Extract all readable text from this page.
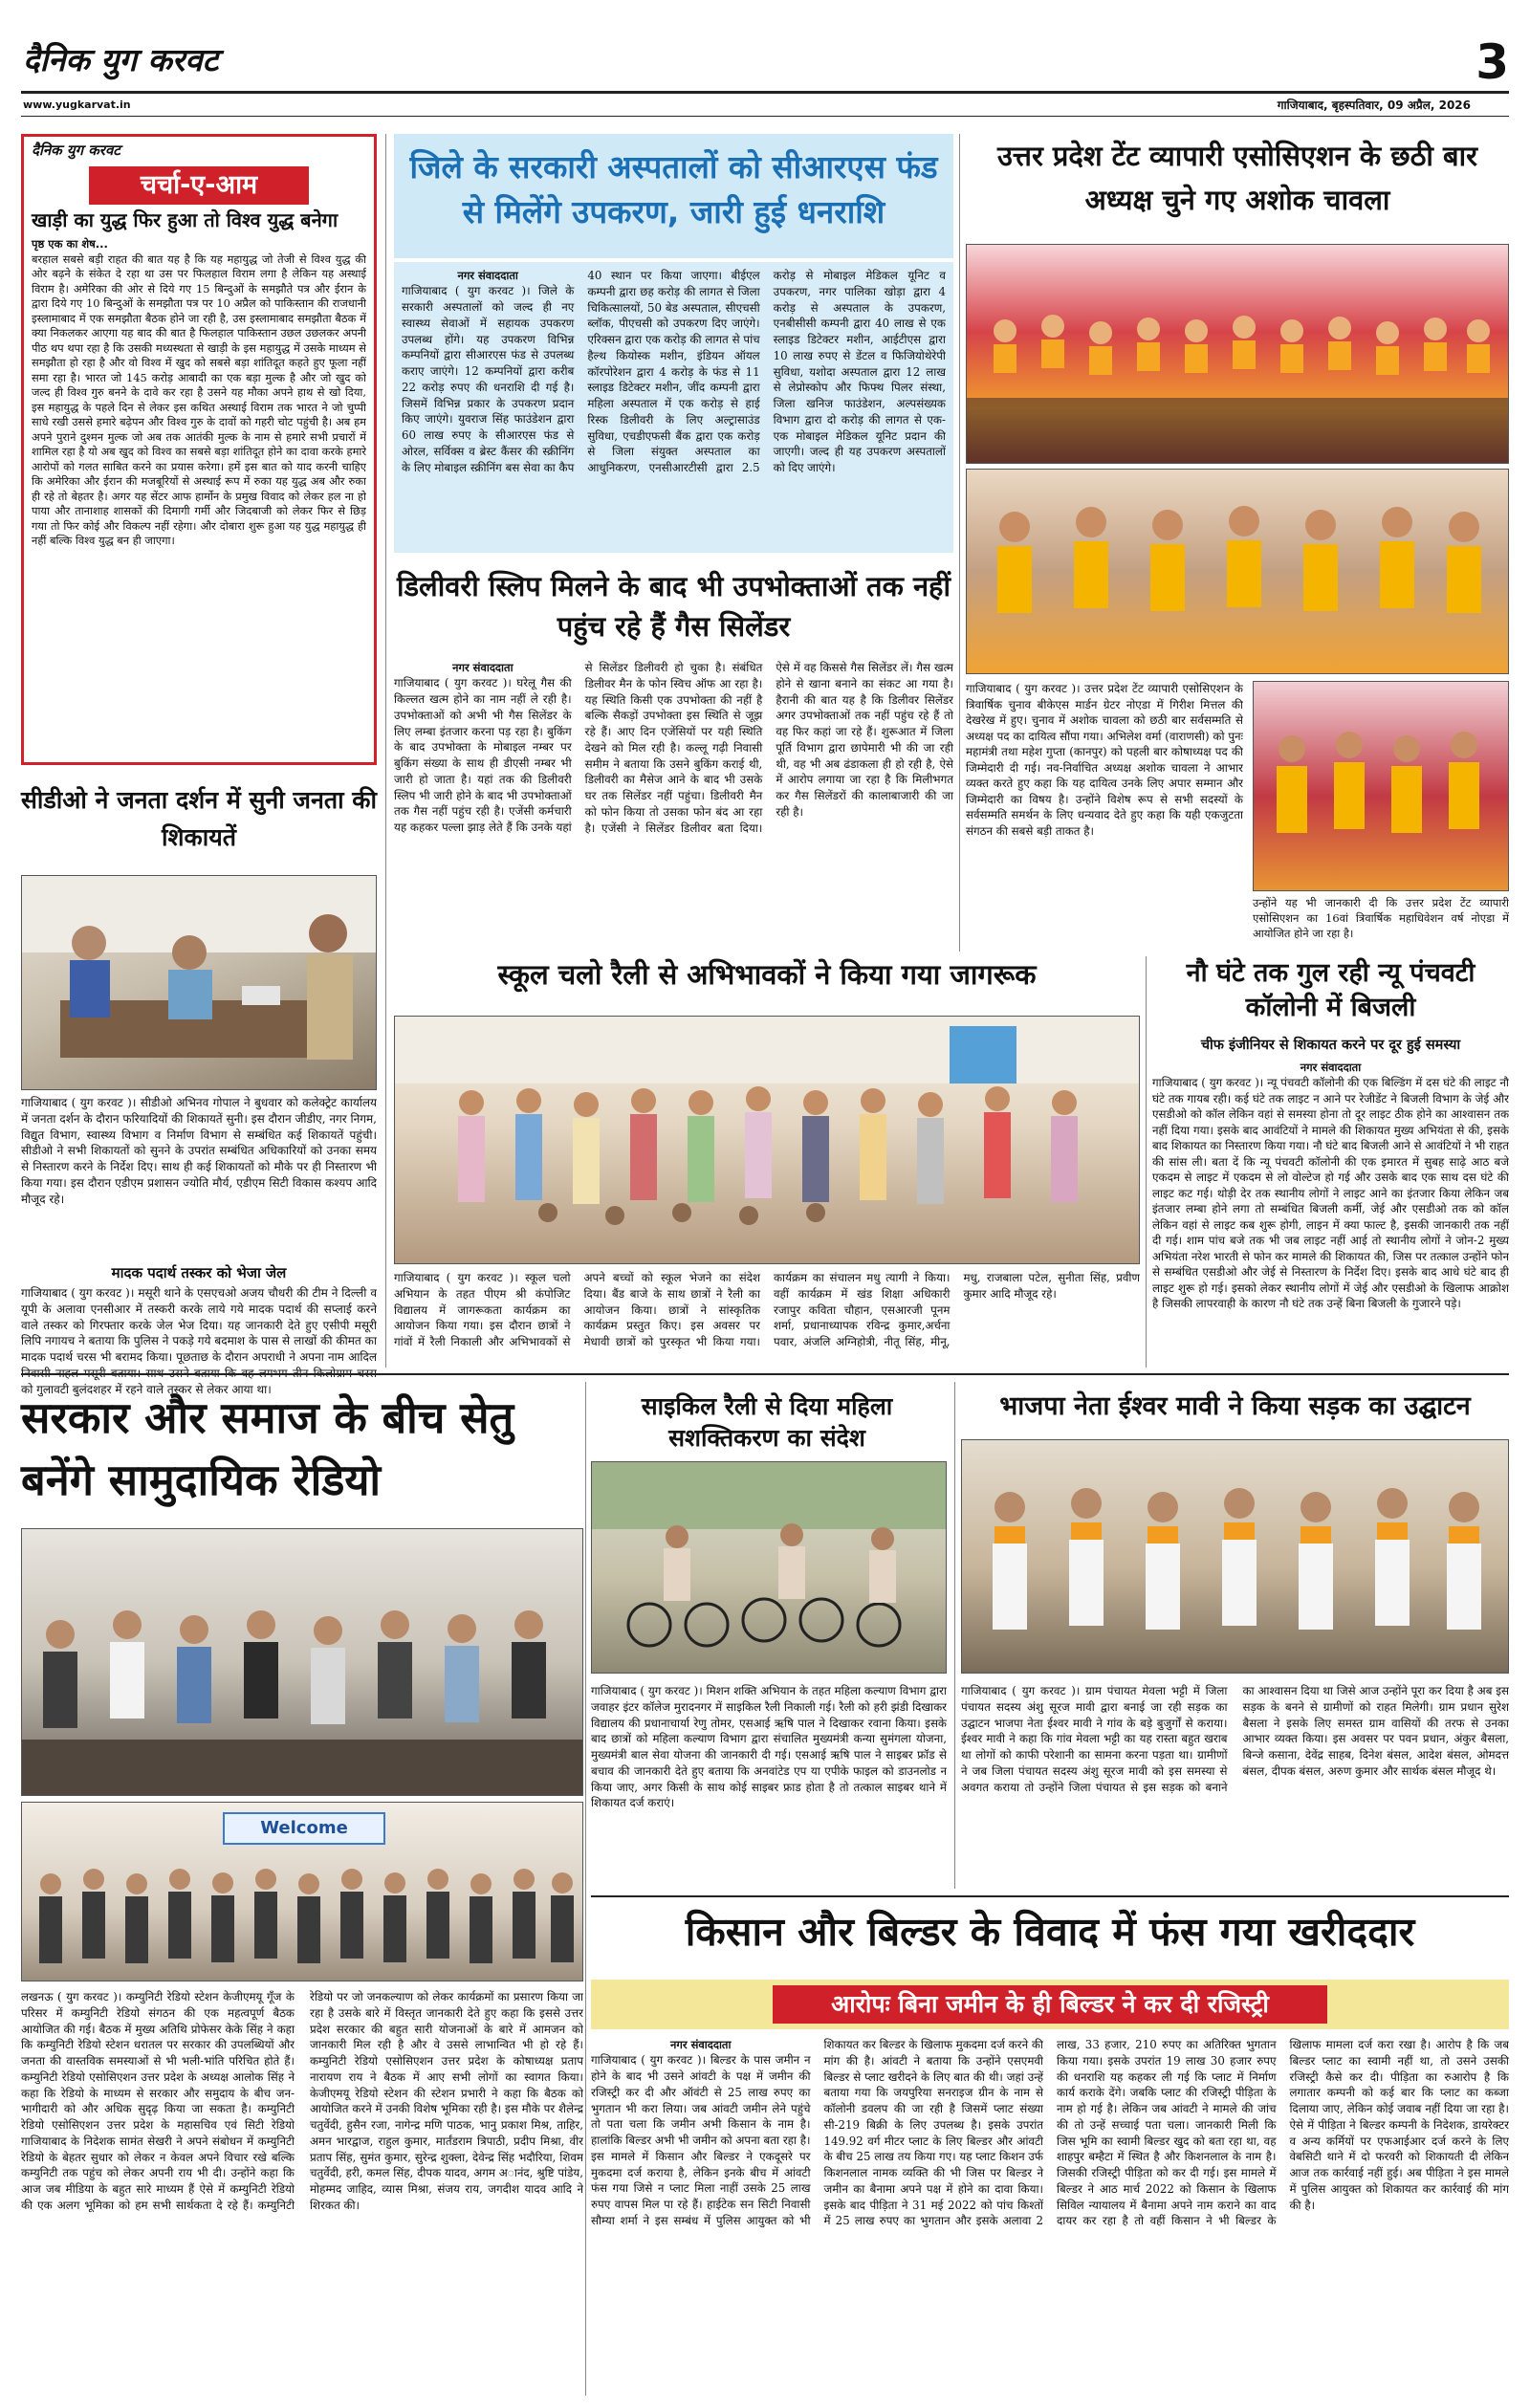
दैनिक युग करवट
www.yugkarvat.in
3
गाजियाबाद, बृहस्पतिवार, 09 अप्रैल, 2026
दैनिक युग करवट
चर्चा-ए-आम
खाड़ी का युद्ध फिर हुआ तो विश्व युद्ध बनेगा
पृष्ठ एक का शेष...
बरहाल सबसे बड़ी राहत की बात यह है कि यह महायुद्ध जो तेजी से विश्व युद्ध की ओर बढ़ने के संकेत दे रहा था उस पर फिलहाल विराम लगा है लेकिन यह अस्थाई विराम है। अमेरिका की ओर से दिये गए 15 बिन्दुओं के समझौते पत्र और ईरान के द्वारा दिये गए 10 बिन्दुओं के समझौता पत्र पर 10 अप्रैल को पाकिस्तान की राजधानी इस्लामाबाद में एक समझौता बैठक होने जा रही है, उस इस्लामाबाद समझौता बैठक में क्या निकलकर आएगा यह बाद की बात है फिलहाल पाकिस्तान उछल उछलकर अपनी पीठ थप थपा रहा है कि उसकी मध्यस्थता से खाड़ी के इस महायुद्ध में उसके माध्यम से समझौता हो रहा है और वो विश्व में खुद को सबसे बड़ा शांतिदूत कहते हुए फूला नहीं समा रहा है। भारत जो 145 करोड़ आबादी का एक बड़ा मुल्क है और जो खुद को जल्द ही विश्व गुरु बनने के दावे कर रहा है उसने यह मौका अपने हाथ से खो दिया, इस महायुद्ध के पहले दिन से लेकर इस कथित अस्थाई विराम तक भारत ने जो चुप्पी साधे रखी उससे हमारे बढ़ेपन और विश्व गुरु के दावों को गहरी चोट पहुंची है। अब हम अपने पुराने दुश्मन मुल्क जो अब तक आतंकी मुल्क के नाम से हमारे सभी प्रचारों में शामिल रहा है यो अब खुद को विश्व का सबसे बड़ा शांतिदूत होने का दावा करके हमारे आरोपों को गलत साबित करने का प्रयास करेगा। हमें इस बात को याद करनी चाहिए कि अमेरिका और ईरान की मजबूरियों से अस्थाई रूप में रुका यह युद्ध अब और रुका ही रहे तो बेहतर है। अगर यह सेंटर आफ हार्मोन के प्रमुख विवाद को लेकर हल ना हो पाया और तानाशाह शासकों की दिमागी गर्मी और जिदबाजी को लेकर फिर से छिड़ गया तो फिर कोई और विकल्प नहीं रहेगा। और दोबारा शुरू हुआ यह युद्ध महायुद्ध ही नहीं बल्कि विश्व युद्ध बन ही जाएगा।
सीडीओ ने जनता दर्शन में सुनी जनता की शिकायतें
गाजियाबाद ( युग करवट )। सीडीओ अभिनव गोपाल ने बुधवार को कलेक्ट्रेट कार्यालय में जनता दर्शन के दौरान फरियादियों की शिकायतें सुनी। इस दौरान जीडीए, नगर निगम, विद्युत विभाग, स्वास्थ्य विभाग व निर्माण विभाग से सम्बंधित कई शिकायतें पहुंची। सीडीओ ने सभी शिकायतों को सुनने के उपरांत सम्बंधित अधिकारियों को उनका समय से निस्तारण करने के निर्देश दिए। साथ ही कई शिकायतों को मौके पर ही निस्तारण भी किया गया। इस दौरान एडीएम प्रशासन ज्योति मौर्य, एडीएम सिटी विकास कश्यप आदि मौजूद रहे।
मादक पदार्थ तस्कर को भेजा जेल
गाजियाबाद ( युग करवट )। मसूरी थाने के एसएचओ अजय चौधरी की टीम ने दिल्ली व यूपी के अलावा एनसीआर में तस्करी करके लाये गये मादक पदार्थ की सप्लाई करने वाले तस्कर को गिरफ्तार करके जेल भेज दिया। यह जानकारी देते हुए एसीपी मसूरी लिपि नगायच ने बताया कि पुलिस ने पकड़े गये बदमाश के पास से लाखों की कीमत का मादक पदार्थ चरस भी बरामद किया। पूछताछ के दौरान अपराधी ने अपना नाम आदिल को गुलावटी बुलंदशहर में रहने वाले तस्कर से लेकर आया था।
जिले के सरकारी अस्पतालों को सीआरएस फंड से मिलेंगे उपकरण, जारी हुई धनराशि
नगर संवाददाता
गाजियाबाद ( युग करवट )। जिले के सरकारी अस्पतालों को जल्द ही नए स्वास्थ्य सेवाओं में सहायक उपकरण उपलब्ध होंगे। यह उपकरण विभिन्न कम्पनियों द्वारा सीआरएस फंड से उपलब्ध कराए जाएंगे। 12 कम्पनियों द्वारा करीब 22 करोड़ रुपए की धनराशि दी गई है। जिसमें विभिन्न प्रकार के उपकरण प्रदान किए जाएंगे। युवराज सिंह फाउंडेशन द्वारा 60 लाख रुपए के सीआरएस फंड से ओरल, सर्विक्स व ब्रेस्ट कैंसर की स्क्रीनिंग के लिए मोबाइल स्क्रीनिंग बस सेवा का कैप 40 स्थान पर किया जाएगा। बीईएल कम्पनी द्वारा छह करोड़ की लागत से जिला चिकित्सालयों, 50 बेड अस्पताल, सीएचसी ब्लॉक, पीएचसी को उपकरण दिए जाएंगे। एरिक्सन द्वारा एक करोड़ की लागत से पांच हैल्थ कियोस्क मशीन, इंडियन ऑयल कॉरपोरेशन द्वारा 4 करोड़ के फंड से 11 स्लाइड डिटेक्टर मशीन, जींद कम्पनी द्वारा महिला अस्पताल में एक करोड़ से हाई रिस्क डिलीवरी के लिए अल्ट्रासाउंड सुविधा, एचडीएफसी बैंक द्वारा एक करोड़ से जिला संयुक्त अस्पताल का आधुनिकरण, एनसीआरटीसी द्वारा 2.5 करोड़ से मोबाइल मेडिकल यूनिट व उपकरण, नगर पालिका खोड़ा द्वारा 4 करोड़ से अस्पताल के उपकरण, एनबीसीसी कम्पनी द्वारा 40 लाख से एक स्लाइड डिटेक्टर मशीन, आईटीएस द्वारा 10 लाख रुपए से डेंटल व फिजियोथेरेपी सुविधा, यशोदा अस्पताल द्वारा 12 लाख से लेप्रोस्कोप और फिफ्थ पिलर संस्था, जिला खनिज फाउंडेशन, अल्पसंख्यक विभाग द्वारा दो करोड़ की लागत से एक-एक मोबाइल मेडिकल यूनिट प्रदान की जाएगी। जल्द ही यह उपकरण अस्पतालों को दिए जाएंगे।
डिलीवरी स्लिप मिलने के बाद भी उपभोक्ताओं तक नहीं पहुंच रहे हैं गैस सिलेंडर
नगर संवाददाता
गाजियाबाद ( युग करवट )। घरेलू गैस की किल्लत खत्म होने का नाम नहीं ले रही है। उपभोक्ताओं को अभी भी गैस सिलेंडर के लिए लम्बा इंतजार करना पड़ रहा है। बुकिंग के बाद उपभोक्ता के मोबाइल नम्बर पर बुकिंग संख्या के साथ ही डीएसी नम्बर भी जारी हो जाता है। यहां तक की डिलीवरी स्लिप भी जारी होने के बाद भी उपभोक्ताओं तक गैस नहीं पहुंच रही है। एजेंसी कर्मचारी यह कहकर पल्ला झाड़ लेते हैं कि उनके यहां से सिलेंडर डिलीवरी हो चुका है। संबंधित डिलीवर मैन के फोन स्विच ऑफ आ रहा है। यह स्थिति किसी एक उपभोक्ता की नहीं है बल्कि सैकड़ों उपभोक्ता इस स्थिति से जूझ रहे हैं। आए दिन एजेंसियों पर यही स्थिति देखने को मिल रही है। कल्लू गढ़ी निवासी समीम ने बताया कि उसने बुकिंग कराई थी, डिलीवरी का मैसेज आने के बाद भी उसके घर तक सिलेंडर नहीं पहुंचा। डिलीवरी मैन को फोन किया तो उसका फोन बंद आ रहा है। एजेंसी ने सिलेंडर डिलीवर बता दिया। ऐसे में वह किससे गैस सिलेंडर लें। गैस खत्म होने से खाना बनाने का संकट आ गया है। हैरानी की बात यह है कि डिलीवर सिलेंडर अगर उपभोक्ताओं तक नहीं पहुंच रहे हैं तो वह फिर कहां जा रहे हैं। शुरूआत में जिला पूर्ति विभाग द्वारा छापेमारी भी की जा रही थी, वह भी अब ढंडाकला ही हो रही है, ऐसे में आरोप लगाया जा रहा है कि मिलीभगत कर गैस सिलेंडरों की कालाबाजारी की जा रही है।
उत्तर प्रदेश टेंट व्यापारी एसोसिएशन के छठी बार अध्यक्ष चुने गए अशोक चावला
गाजियाबाद ( युग करवट )। उत्तर प्रदेश टेंट व्यापारी एसोसिएशन के त्रिवार्षिक चुनाव बीकेएस मार्डन ग्रेटर नोएडा में गिरीश मित्तल की देखरेख में हुए। चुनाव में अशोक चावला को छठी बार सर्वसम्मति से अध्यक्ष पद का दायित्व सौंपा गया। अभिलेश वर्मा (वाराणसी) को पुनः महामंत्री तथा महेश गुप्ता (कानपुर) को पहली बार कोषाध्यक्ष पद की जिम्मेदारी दी गई। नव-निर्वाचित अध्यक्ष अशोक चावला ने आभार व्यक्त करते हुए कहा कि यह दायित्व उनके लिए अपार सम्मान और जिम्मेदारी का विषय है। उन्होंने विशेष रूप से सभी सदस्यों के सर्वसम्मति समर्थन के लिए धन्यवाद देते हुए कहा कि यही एकजुटता संगठन की सबसे बड़ी ताकत है।
उन्होंने यह भी जानकारी दी कि उत्तर प्रदेश टेंट व्यापारी एसोसिएशन का 16वां त्रिवार्षिक महाधिवेशन वर्ष नोएडा में आयोजित होने जा रहा है।
स्कूल चलो रैली से अभिभावकों ने किया गया जागरूक
गाजियाबाद ( युग करवट )। स्कूल चलो अभियान के तहत पीएम श्री कंपोजिट विद्यालय में जागरूकता कार्यक्रम का आयोजन किया गया। इस दौरान छात्रों ने गांवों में रैली निकाली और अभिभावकों से अपने बच्चों को स्कूल भेजने का संदेश दिया। बैंड बाजे के साथ छात्रों ने रैली का आयोजन किया। छात्रों ने सांस्कृतिक कार्यक्रम प्रस्तुत किए। इस अवसर पर मेधावी छात्रों को पुरस्कृत भी किया गया। कार्यक्रम का संचालन मधु त्यागी ने किया। वहीं कार्यक्रम में खंड शिक्षा अधिकारी रजापुर कविता चौहान, एसआरजी पूनम शर्मा, प्रधानाध्यापक रविन्द्र कुमार,अर्चना पवार, अंजलि अग्निहोत्री, नीतू सिंह, मीनू, मधु, राजबाला पटेल, सुनीता सिंह, प्रवीण कुमार आदि मौजूद रहे।
नौ घंटे तक गुल रही न्यू पंचवटी कॉलोनी में बिजली
चीफ इंजीनियर से शिकायत करने पर दूर हुई समस्या
नगर संवाददाता
गाजियाबाद ( युग करवट )। न्यू पंचवटी कॉलोनी की एक बिल्डिंग में दस घंटे की लाइट नौ घंटे तक गायब रही। कई घंटे तक लाइट न आने पर रेजीडेंट ने बिजली विभाग के जेई और एसडीओ को कॉल लेकिन वहां से समस्या होना तो दूर लाइट ठीक होने का आश्वासन तक नहीं दिया गया। इसके बाद आवंटियों ने मामले की शिकायत मुख्य अभियंता से की, इसके बाद शिकायत का निस्तारण किया गया। नौ घंटे बाद बिजली आने से आवंटियों ने भी राहत की सांस ली। बता दें कि न्यू पंचवटी कॉलोनी की एक इमारत में सुबह साढ़े आठ बजे एकदम से लाइट में एकदम से लो वोल्टेज हो गई और उसके बाद एक साथ दस घंटे की लाइट कट गई। थोड़ी देर तक स्थानीय लोगों ने लाइट आने का इंतजार किया लेकिन जब इंतजार लम्बा होने लगा तो सम्बंधित बिजली कर्मी, जेई और एसडीओ तक को कॉल लेकिन वहां से लाइट कब शुरू होगी, लाइन में क्या फाल्ट है, इसकी जानकारी तक नहीं दी गई। शाम पांच बजे तक भी जब लाइट नहीं आई तो स्थानीय लोगों ने जोन-2 मुख्य अभियंता नरेश भारती से फोन कर मामले की शिकायत की, जिस पर तत्काल उन्होंने फोन से सम्बंधित एसडीओ और जेई से निस्तारण के निर्देश दिए। इसके बाद आधे घंटे बाद ही लाइट शुरू हो गई। इसको लेकर स्थानीय लोगों में जेई और एसडीओ के खिलाफ आक्रोश है जिसकी लापरवाही के कारण नौ घंटे तक उन्हें बिना बिजली के गुजारने पड़े।
सरकार और समाज के बीच सेतु बनेंगे सामुदायिक रेडियो
Welcome
लखनऊ ( युग करवट )। कम्युनिटी रेडियो स्टेशन केजीएमयू गूँज के परिसर में कम्युनिटी रेडियो संगठन की एक महत्वपूर्ण बैठक आयोजित की गई। बैठक में मुख्य अतिथि प्रोफेसर केके सिंह ने कहा कि कम्युनिटी रेडियो स्टेशन धरातल पर सरकार की उपलब्धियों और जनता की वास्तविक समस्याओं से भी भली-भांति परिचित होते हैं। कम्युनिटी रेडियो एसोसिएशन उत्तर प्रदेश के अध्यक्ष आलोक सिंह ने कहा कि रेडियो के माध्यम से सरकार और समुदाय के बीच जन-भागीदारी को और अधिक सुदृढ़ किया जा सकता है। कम्युनिटी रेडियो एसोसिएशन उत्तर प्रदेश के महासचिव एवं सिटी रेडियो गाजियाबाद के निदेशक सामंत सेखरी ने अपने संबोधन में कम्युनिटी रेडियो के बेहतर सुधार को लेकर न केवल अपने विचार रखे बल्कि कम्युनिटी तक पहुंच को लेकर अपनी राय भी दी। उन्होंने कहा कि आज जब मीडिया के बहुत सारे माध्यम हैं ऐसे में कम्युनिटी रेडियो की एक अलग भूमिका को हम सभी सार्थकता दे रहे हैं। कम्युनिटी रेडियो पर जो जनकल्याण को लेकर कार्यक्रमों का प्रसारण किया जा रहा है उसके बारे में विस्तृत जानकारी देते हुए कहा कि इससे उत्तर प्रदेश सरकार की बहुत सारी योजनाओं के बारे में आमजन को जानकारी मिल रही है और वे उससे लाभान्वित भी हो रहे हैं। कम्युनिटी रेडियो एसोसिएशन उत्तर प्रदेश के कोषाध्यक्ष प्रताप नारायण राय ने बैठक में आए सभी लोगों का स्वागत किया। केजीएमयू रेडियो स्टेशन की स्टेशन प्रभारी ने कहा कि बैठक को आयोजित करने में उनकी विशेष भूमिका रही है। इस मौके पर शैलेन्द्र चतुर्वेदी, हुसैन रजा, नागेन्द्र मणि पाठक, भानु प्रकाश मिश्र, ताहिर, अमन भारद्वाज, राहुल कुमार, मार्तंडराम त्रिपाठी, प्रदीप मिश्रा, वीर प्रताप सिंह, सुमंत कुमार, सुरेन्द्र शुक्ला, देवेन्द्र सिंह भदौरिया, शिवम चतुर्वेदी, हरी, कमल सिंह, दीपक यादव, अगम अानंद, श्रुष्टि पांडेय, मोहम्मद जाहिद, व्यास मिश्रा, संजय राय, जगदीश यादव आदि ने शिरकत की।
साइकिल रैली से दिया महिला सशक्तिकरण का संदेश
गाजियाबाद ( युग करवट )। मिशन शक्ति अभियान के तहत महिला कल्याण विभाग द्वारा जवाहर इंटर कॉलेज मुरादनगर में साइकिल रैली निकाली गई। रैली को हरी झंडी दिखाकर विद्यालय की प्रधानाचार्या रेणु तोमर, एसआई ऋषि पाल ने दिखाकर रवाना किया। इसके बाद छात्रों को महिला कल्याण विभाग द्वारा संचालित मुख्यमंत्री कन्या सुमंगला योजना, मुख्यमंत्री बाल सेवा योजना की जानकारी दी गई। एसआई ऋषि पाल ने साइबर फ्रॉड से बचाव की जानकारी देते हुए बताया कि अनवांटेड एप या एपीके फाइल को डाउनलोड न किया जाए, अगर किसी के साथ कोई साइबर फ्राड होता है तो तत्काल साइबर थाने में शिकायत दर्ज कराएं।
भाजपा नेता ईश्वर मावी ने किया सड़क का उद्घाटन
गाजियाबाद ( युग करवट )। ग्राम पंचायत मेवला भट्टी में जिला पंचायत सदस्य अंशु सूरज मावी द्वारा बनाई जा रही सड़क का उद्घाटन भाजपा नेता ईश्वर मावी ने गांव के बड़े बुजुर्गों से कराया। ईश्वर मावी ने कहा कि गांव मेवला भट्टी का यह रास्ता बहुत खराब था लोगों को काफी परेशानी का सामना करना पड़ता था। ग्रामीणों ने जब जिला पंचायत सदस्य अंशु सूरज मावी को इस समस्या से अवगत कराया तो उन्होंने जिला पंचायत से इस सड़क को बनाने का आश्वासन दिया था जिसे आज उन्होंने पूरा कर दिया है अब इस सड़क के बनने से ग्रामीणों को राहत मिलेगी। ग्राम प्रधान सुरेश बैसला ने इसके लिए समस्त ग्राम वासियों की तरफ से उनका आभार व्यक्त किया। इस अवसर पर पवन प्रधान, अंकुर बैसला, बिन्जे कसाना, देवेंद्र साहब, दिनेश बंसल, आदेश बंसल, ओमदत्त बंसल, दीपक बंसल, अरुण कुमार और सार्थक बंसल मौजूद थे।
किसान और बिल्डर के विवाद में फंस गया खरीददार
आरोपः बिना जमीन के ही बिल्डर ने कर दी रजिस्ट्री
नगर संवाददाता
गाजियाबाद ( युग करवट )। बिल्डर के पास जमीन न होने के बाद भी उसने आंवटी के पक्ष में जमीन की रजिस्ट्री कर दी और ऑवंटी से 25 लाख रुपए का भुगतान भी करा लिया। जब आंवटी जमीन लेने पहुंचे तो पता चला कि जमीन अभी किसान के नाम है। हालांकि बिल्डर अभी भी जमीन को अपना बता रहा है। इस मामले में किसान और बिल्डर ने एकदूसरे पर मुकदमा दर्ज कराया है, लेकिन इनके बीच में आंवटी फंस गया जिसे न प्लाट मिला नाहीं उसके 25 लाख रुपए वापस मिल पा रहे हैं। हाईटेक सन सिटी निवासी सौम्या शर्मा ने इस सम्बंध में पुलिस आयुक्त को भी शिकायत कर बिल्डर के खिलाफ मुकदमा दर्ज करने की मांग की है। आंवटी ने बताया कि उन्होंने एसएमवी बिल्डर से प्लाट खरीदने के लिए बात की थी। जहां उन्हें बताया गया कि जयपुरिया सनराइज ग्रीन के नाम से कॉलोनी डवलप की जा रही है जिसमें प्लाट संख्या सी-219 बिक्री के लिए उपलब्ध है। इसके उपरांत 149.92 वर्ग मीटर प्लाट के लिए बिल्डर और आंवटी के बीच 25 लाख तय किया गए। यह प्लाट किशन उर्फ किशनलाल नामक व्यक्ति की भी जिस पर बिल्डर ने जमीन का बैनामा अपने पक्ष में होने का दावा किया। इसके बाद पीड़िता ने 31 मई 2022 को पांच किश्तों में 25 लाख रुपए का भुगतान और इसके अलावा 2 लाख, 33 हजार, 210 रुपए का अतिरिक्त भुगतान किया गया। इसके उपरांत 19 लाख 30 हजार रुपए की धनराशि यह कहकर ली गई कि प्लाट में निर्माण कार्य कराके देंगे। जबकि प्लाट की रजिस्ट्री पीड़िता के नाम हो गई है। लेकिन जब आंवटी ने मामले की जांच की तो उन्हें सच्चाई पता चला। जानकारी मिली कि जिस भूमि का स्वामी बिल्डर खुद को बता रहा था, वह शाहपुर बम्हैटा में स्थित है और किशनलाल के नाम है। जिसकी रजिस्ट्री पीड़िता को कर दी गई। इस मामले में बिल्डर ने आठ मार्च 2022 को किसान के खिलाफ सिविल न्यायालय में बैनामा अपने नाम कराने का वाद दायर कर रहा है तो वहीं किसान ने भी बिल्डर के खिलाफ मामला दर्ज करा रखा है। आरोप है कि जब बिल्डर प्लाट का स्वामी नहीं था, तो उसने उसकी रजिस्ट्री कैसे कर दी। पीड़िता का रुआरोप है कि लगातार कम्पनी को कई बार कि प्लाट का कब्जा दिलाया जाए, लेकिन कोई जवाब नहीं दिया जा रहा है। ऐसे में पीड़िता ने बिल्डर कम्पनी के निदेशक, डायरेक्टर व अन्य कर्मियों पर एफआईआर दर्ज करने के लिए वेबसिटी थाने में दो फरवरी को शिकायती दी लेकिन आज तक कार्रवाई नहीं हुई। अब पीड़िता ने इस मामले में पुलिस आयुक्त को शिकायत कर कार्रवाई की मांग की है।
